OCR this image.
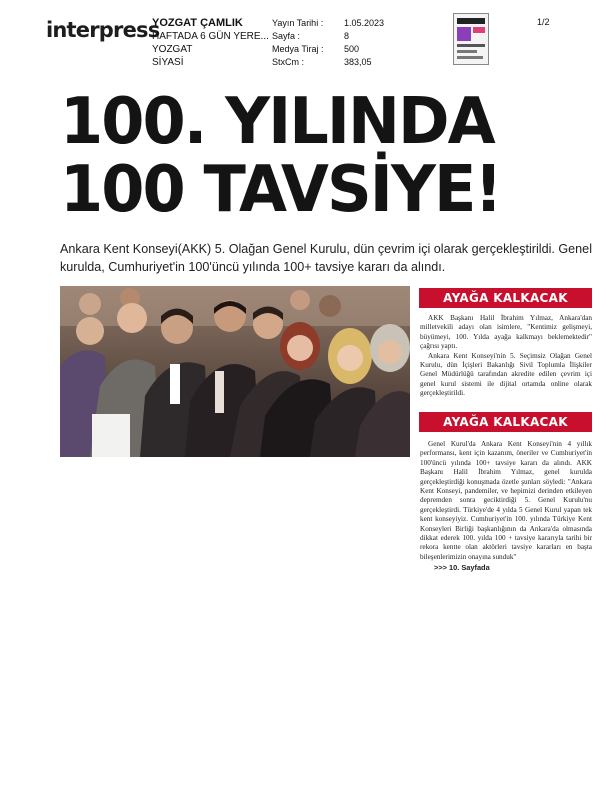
interpress
YOZGAT ÇAMLIK
HAFTADA 6 GÜN YERE...
YOZGAT
SİYASİ
Yayın Tarihi :	1.05.2023
Sayfa :	8
Medya Tiraj :	500
StxCm :	383,05
1/2
100. YILINDA
100 TAVSİYE!

Ankara Kent Konseyi(AKK) 5. Olağan Genel Kurulu, dün çevrim içi olarak gerçekleştirildi. Genel kurulda, Cumhuriyet'in 100'üncü yılında 100+ tavsiye kararı da alındı.

AYAĞA KALKACAK

AKK Başkanı Halil İbrahim Yılmaz, Ankara'dan milletvekili adayı olan isimlere, "Kentimiz gelişmeyi, büyümeyi, 100. Yılda ayağa kalkmayı beklemektedir" çağrısı yaptı.

Ankara Kent Konseyi'nin 5. Seçimsiz Olağan Genel Kurulu, dün İçişleri Bakanlığı Sivil Toplumla İlişkiler Genel Müdürlüğü tarafından akredite edilen çevrim içi genel kurul sistemi ile dijital ortamda online olarak gerçekleştirildi.

AYAĞA KALKACAK

Genel Kurul'da Ankara Kent Konseyi'nin 4 yıllık performansı, kent için kazanım, öneriler ve Cumhuriyet'in 100'üncü yılında 100+ tavsiye kararı da alındı. AKK Başkanı Halil İbrahim Yılmaz, genel kurulda gerçekleştirdiği konuşmada özetle şunları söyledi: "Ankara Kent Konseyi, pandemiler, ve hepimizi derinden etkileyen depremden sonra geciktirdiği 5. Genel Kurulu'nu gerçekleştirdi. Türkiye'de 4 yılda 5 Genel Kurul yapan tek kent konseyiyiz. Cumhuriyet'in 100. yılında Türkiye Kent Konseyleri Birliği başkanlığının da Ankara'da olmasında dikkat ederek 100. yılda 100 + tavsiye kararıyla tarihi bir rekora kentte olan aktörleri tavsiye kararları en başta bileşenlerimizin onayına sunduk"

>>> 10. Sayfada
